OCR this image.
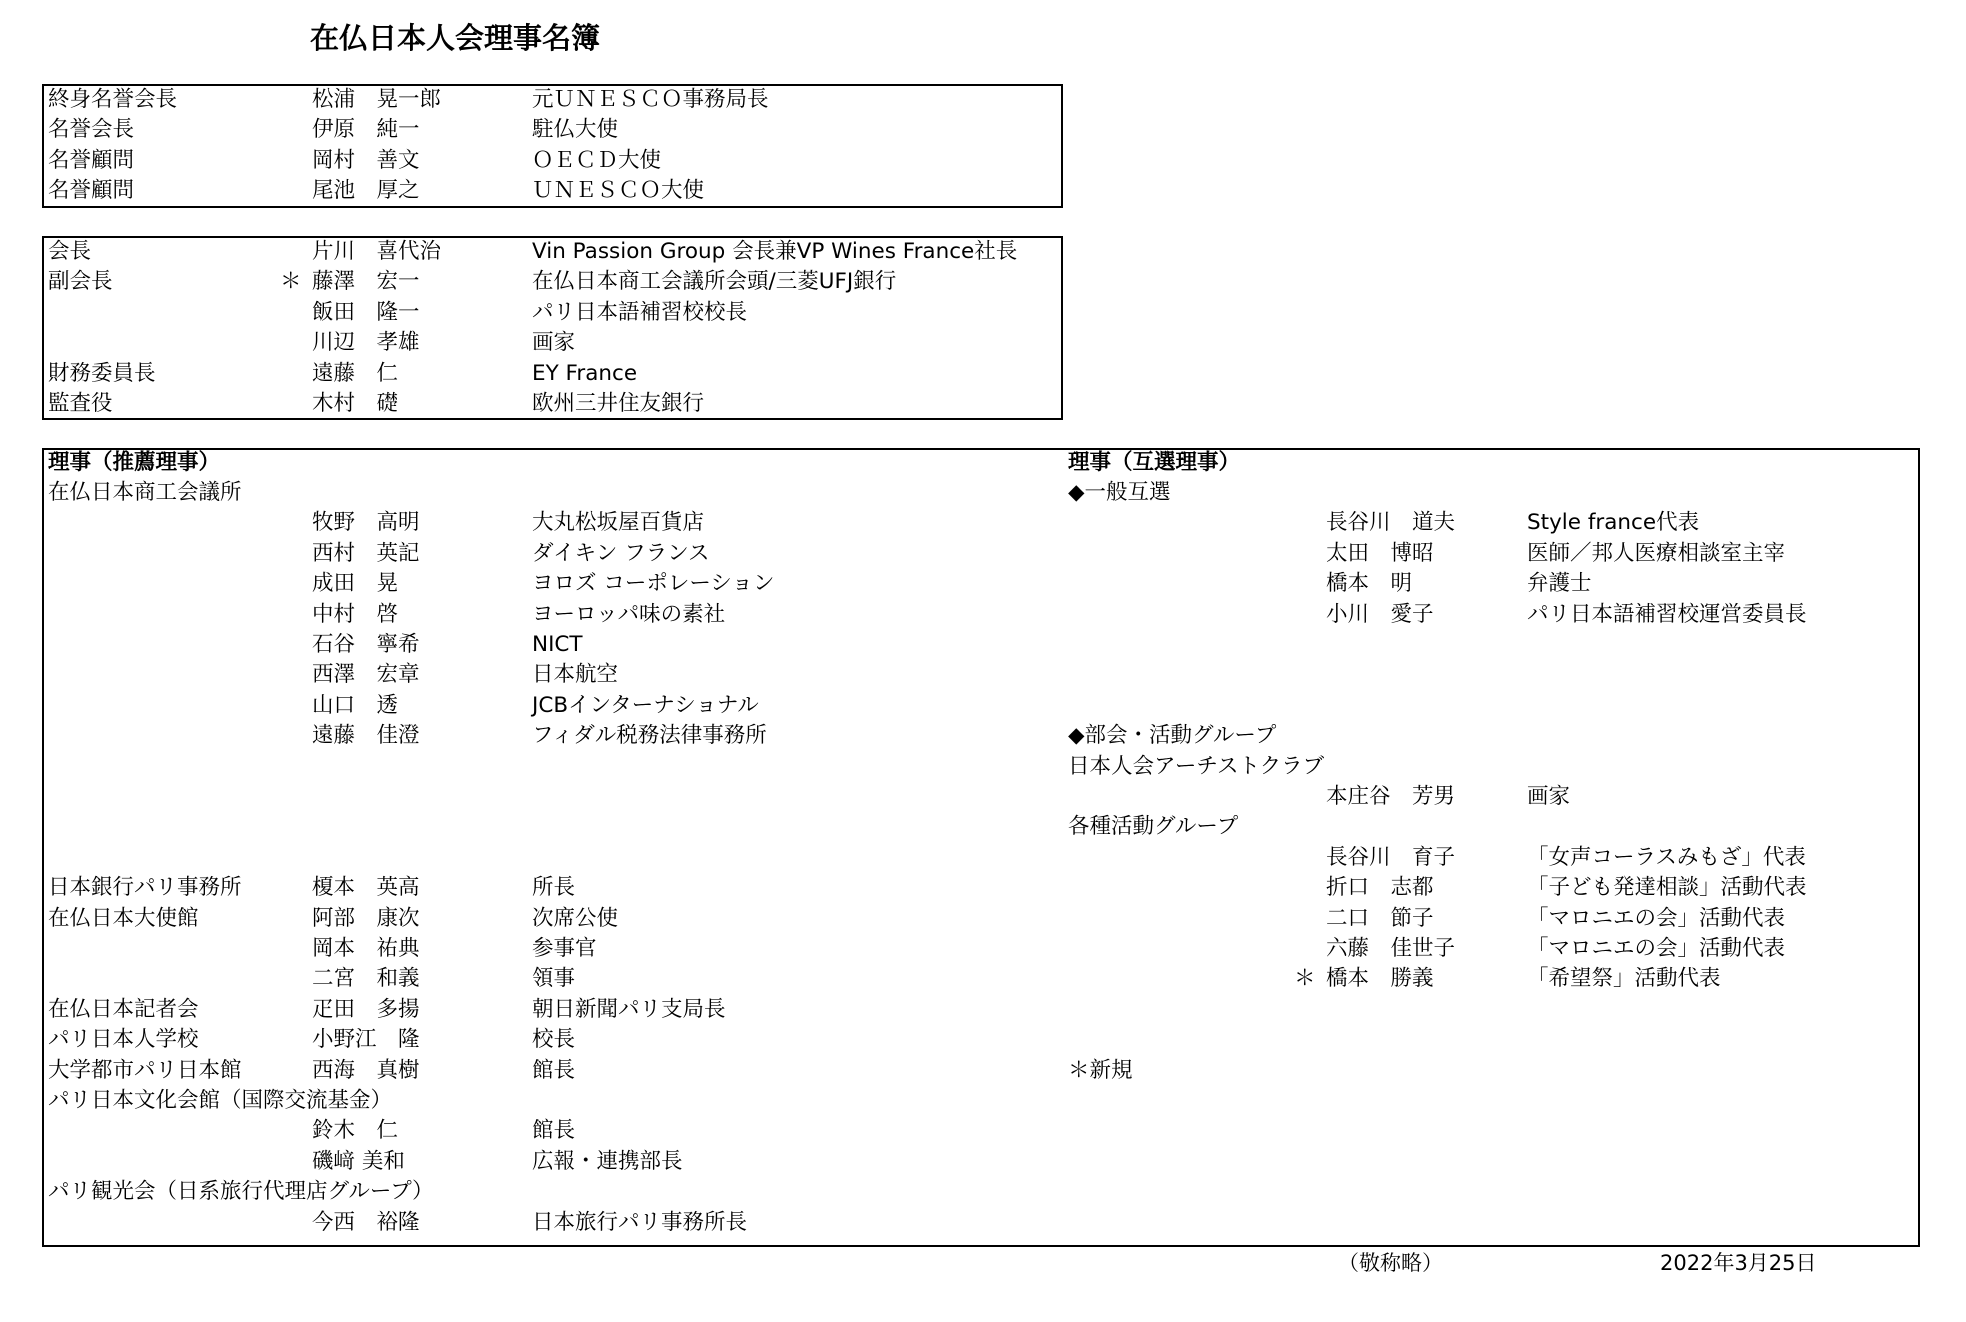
在仏日本人会理事名簿
終身名誉会長	松浦　晃一郎	元ＵＮＥＳＣＯ事務局長
名誉会長	伊原　純一	駐仏大使
名誉顧問	岡村　善文	ＯＥＣＤ大使
名誉顧問	尾池　厚之	ＵＮＥＳＣＯ大使
会長	片川　喜代治	Vin Passion Group 会長兼VP Wines France社長
副会長	＊ 藤澤　宏一	在仏日本商工会議所会頭/三菱UFJ銀行
飯田　隆一	パリ日本語補習校校長
川辺　孝雄	画家
財務委員長	遠藤　仁	EY France
監査役	木村　礎	欧州三井住友銀行
理事（推薦理事）
在仏日本商工会議所
牧野　高明	大丸松坂屋百貨店
西村　英記	ダイキン フランス
成田　晃	ヨロズ コーポレーション
中村　啓	ヨーロッパ味の素社
石谷　寧希	NICT
西澤　宏章	日本航空
山口　透	JCBインターナショナル
遠藤　佳澄	フィダル税務法律事務所
日本銀行パリ事務所	榎本　英高	所長
在仏日本大使館	阿部　康次	次席公使
岡本　祐典	参事官
二宮　和義	領事
在仏日本記者会	疋田　多揚	朝日新聞パリ支局長
パリ日本人学校	小野江　隆	校長
大学都市パリ日本館	西海　真樹	館長
パリ日本文化会館（国際交流基金）
鈴木　仁	館長
磯﨑 美和	広報・連携部長
パリ観光会（日系旅行代理店グループ）
今西　裕隆	日本旅行パリ事務所長
理事（互選理事）
◆一般互選
長谷川　道夫	Style france代表
太田　博昭	医師／邦人医療相談室主宰
橋本　明	弁護士
小川　愛子	パリ日本語補習校運営委員長
◆部会・活動グループ
日本人会アーチストクラブ
本庄谷　芳男	画家
各種活動グループ
長谷川　育子	「女声コーラスみもざ」代表
折口　志都	「子ども発達相談」活動代表
二口　節子	「マロニエの会」活動代表
六藤　佳世子	「マロニエの会」活動代表
＊ 橋本　勝義	「希望祭」活動代表
＊新規
（敬称略）	2022年3月25日
